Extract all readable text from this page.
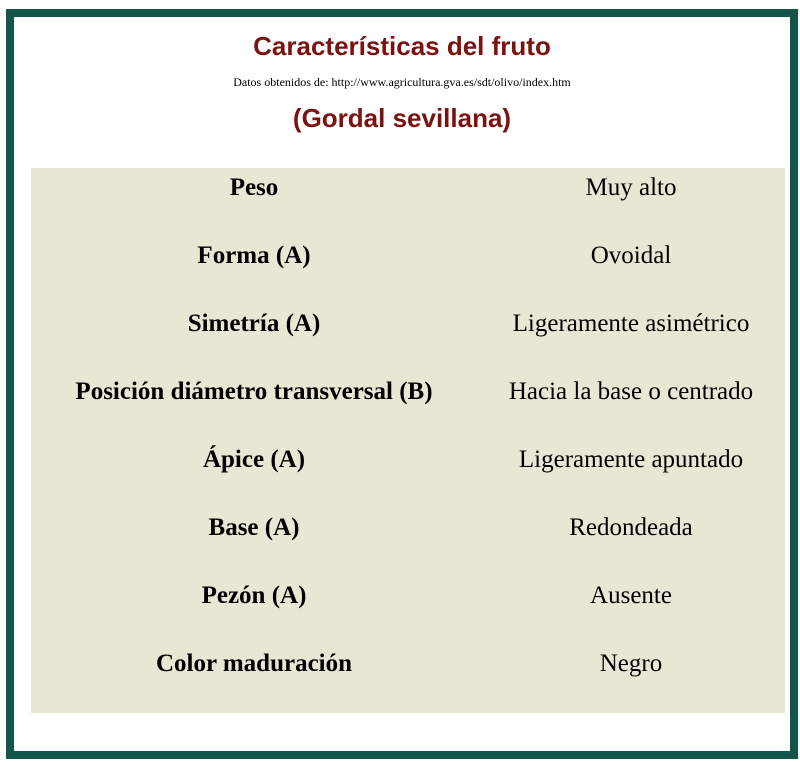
Características del fruto
Datos obtenidos de: http://www.agricultura.gva.es/sdt/olivo/index.htm
(Gordal sevillana)
Peso	Muy alto
Forma (A)	Ovoidal
Simetría (A)	Ligeramente asimétrico
Posición diámetro transversal (B)	Hacia la base o centrado
Ápice (A)	Ligeramente apuntado
Base (A)	Redondeada
Pezón (A)	Ausente
Color maduración	Negro
